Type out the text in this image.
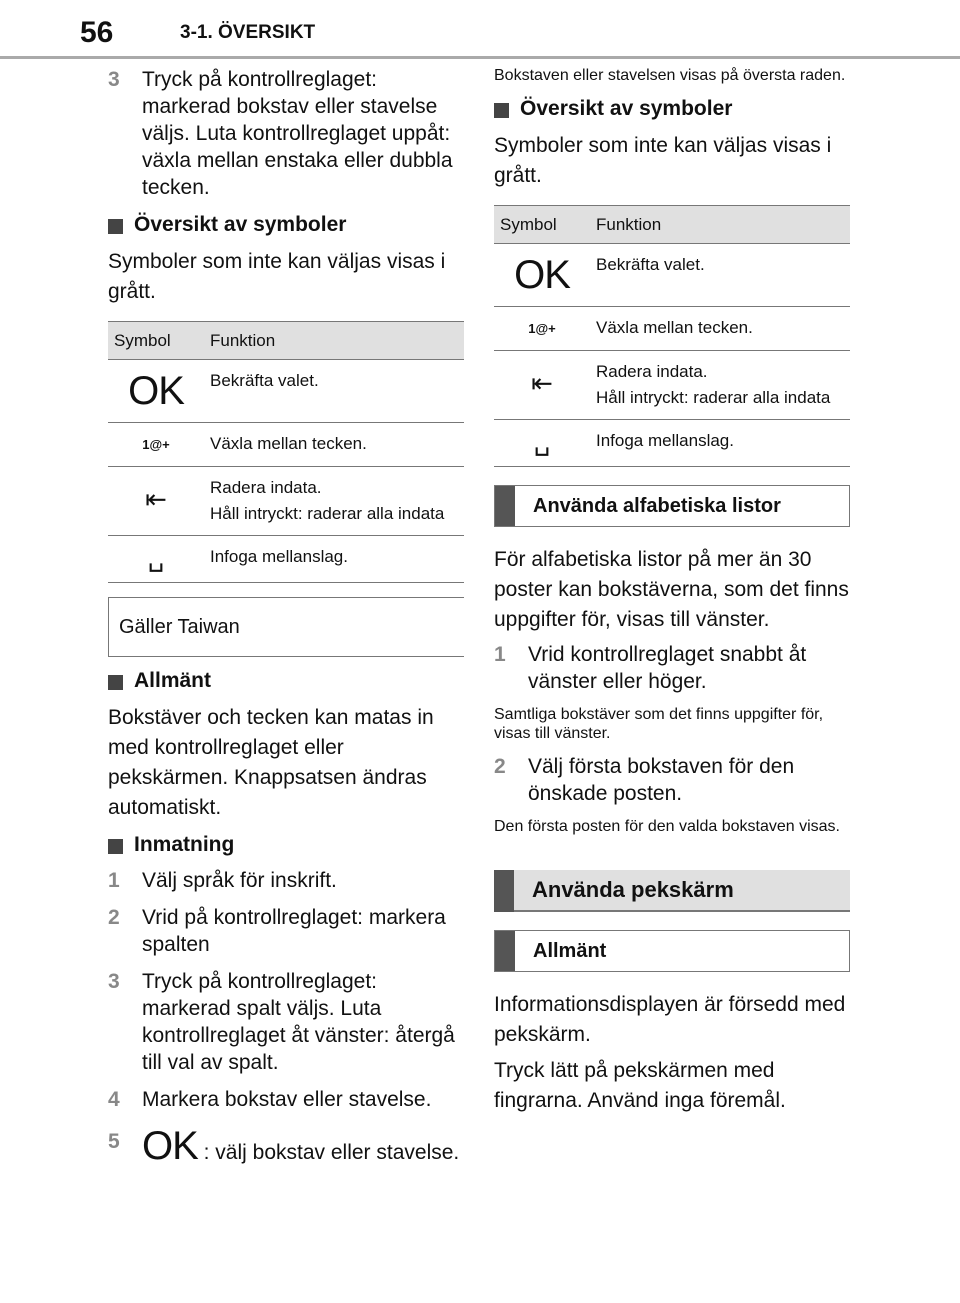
56	3-1. ÖVERSIKT
3 Tryck på kontrollreglaget: markerad bokstav eller stavelse väljs. Luta kontrollreglaget uppåt: växla mellan enstaka eller dubbla tecken.
Översikt av symboler

Symboler som inte kan väljas visas i grått.

Symbol	Funktion
OK	Bekräfta valet.
1@+	Växla mellan tecken.
⇤	Radera indata.
Håll intryckt: raderar alla indata

␣	Infoga mellanslag.
Gäller Taiwan
Allmänt

Bokstäver och tecken kan matas in med kontrollreglaget eller pekskärmen. Knappsatsen ändras automatiskt.

Inmatning
1 Välj språk för inskrift.
2 Vrid på kontrollreglaget: markera spalten
3 Tryck på kontrollreglaget: markerad spalt väljs. Luta kontrollreglaget åt vänster: återgå till val av spalt.
4 Markera bokstav eller stavelse.
5 OK : välj bokstav eller stavelse.

Bokstaven eller stavelsen visas på översta raden.

Översikt av symboler

Symboler som inte kan väljas visas i grått.

Symbol	Funktion
OK	Bekräfta valet.
1@+	Växla mellan tecken.
⇤	Radera indata.
Håll intryckt: raderar alla indata

␣	Infoga mellanslag.
Använda alfabetiska listor

För alfabetiska listor på mer än 30 poster kan bokstäverna, som det finns uppgifter för, visas till vänster.

1 Vrid kontrollreglaget snabbt åt vänster eller höger.

Samtliga bokstäver som det finns uppgifter för, visas till vänster.

2 Välj första bokstaven för den önskade posten.

Den första posten för den valda bokstaven visas.

Använda pekskärm
Allmänt

Informationsdisplayen är försedd med pekskärm.

Tryck lätt på pekskärmen med fingrarna. Använd inga föremål.
